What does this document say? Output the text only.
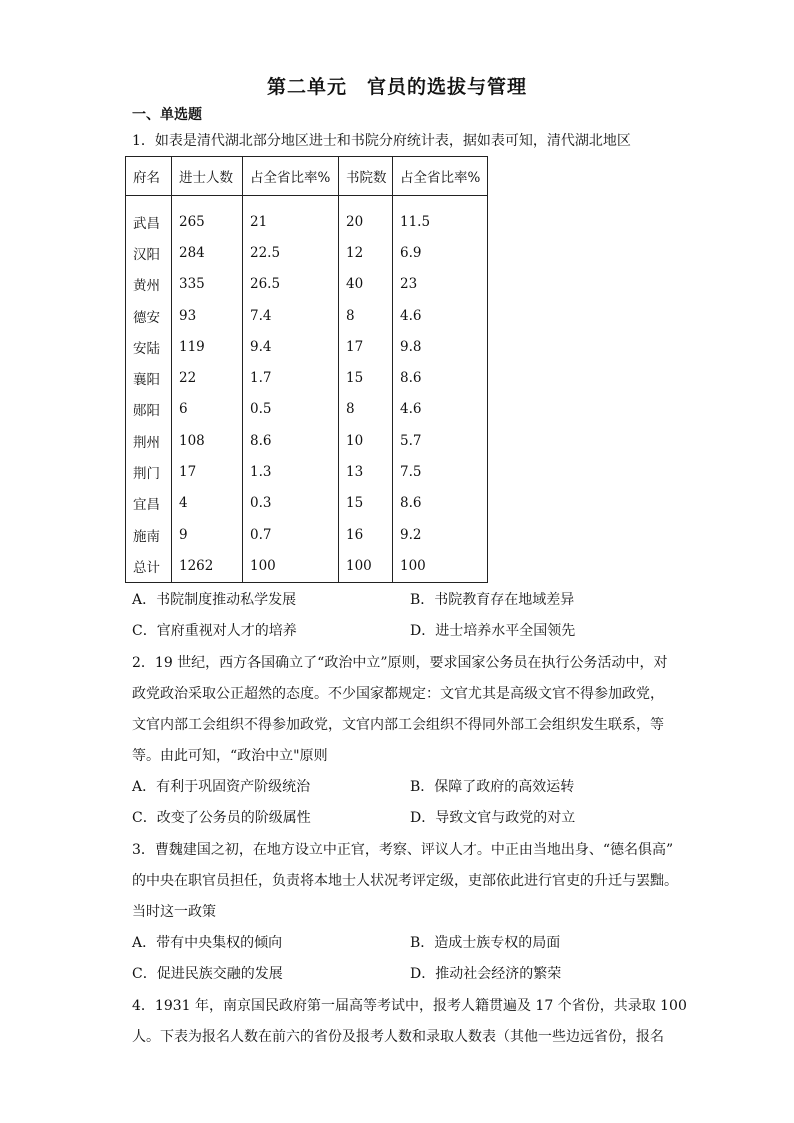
第二单元　官员的选拔与管理
一、单选题
1．如表是清代湖北部分地区进士和书院分府统计表，据如表可知，清代湖北地区
府名	进士人数	占全省比率%	书院数	占全省比率%
武昌	265	21	20	11.5
汉阳	284	22.5	12	6.9
黄州	335	26.5	40	23
德安	93	7.4	8	4.6
安陆	119	9.4	17	9.8
襄阳	22	1.7	15	8.6
郧阳	6	0.5	8	4.6
荆州	108	8.6	10	5.7
荆门	17	1.3	13	7.5
宜昌	4	0.3	15	8.6
施南	9	0.7	16	9.2
总计	1262	100	100	100
A．书院制度推动私学发展	B．书院教育存在地域差异
C．官府重视对人才的培养	D．进士培养水平全国领先
2．19 世纪，西方各国确立了“政治中立”原则，要求国家公务员在执行公务活动中，对
政党政治采取公正超然的态度。不少国家都规定：文官尤其是高级文官不得参加政党，
文官内部工会组织不得参加政党，文官内部工会组织不得同外部工会组织发生联系，等
等。由此可知，“政治中立"原则
A．有利于巩固资产阶级统治	B．保障了政府的高效运转
C．改变了公务员的阶级属性	D．导致文官与政党的对立
3．曹魏建国之初，在地方设立中正官，考察、评议人才。中正由当地出身、“德名俱高”
的中央在职官员担任，负责将本地士人状况考评定级，吏部依此进行官吏的升迁与罢黜。
当时这一政策
A．带有中央集权的倾向	B．造成士族专权的局面
C．促进民族交融的发展	D．推动社会经济的繁荣
4．1931 年，南京国民政府第一届高等考试中，报考人籍贯遍及 17 个省份，共录取 100
人。下表为报名人数在前六的省份及报考人数和录取人数表（其他一些边远省份，报名
